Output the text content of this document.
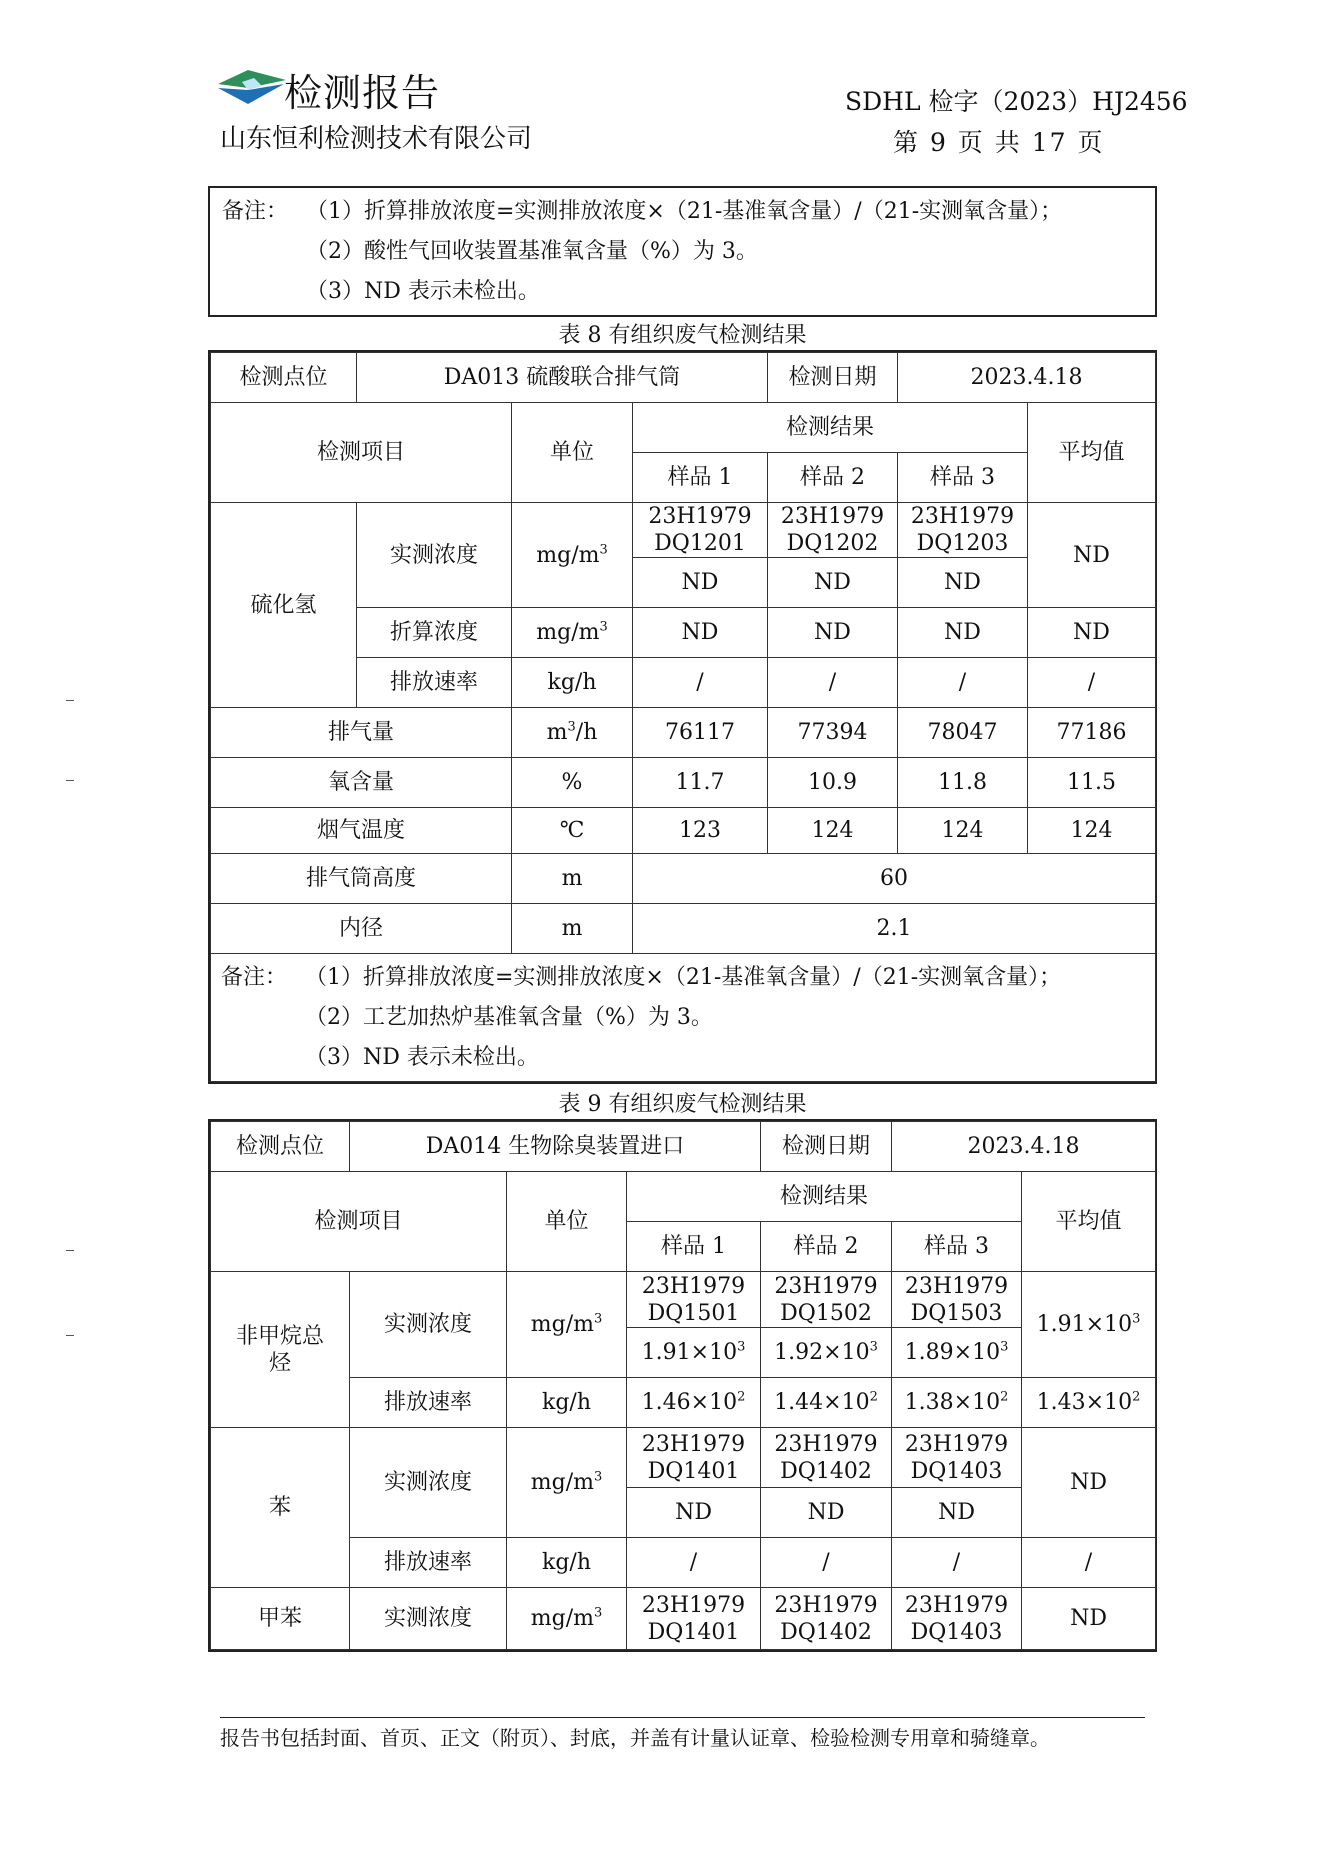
检测报告
山东恒利检测技术有限公司
SDHL 检字（2023）HJ2456
第 9 页 共 17 页
备注： （1）折算排放浓度=实测排放浓度×（21-基准氧含量）/（21-实测氧含量）；
（2）酸性气回收装置基准氧含量（%）为 3。
（3）ND 表示未检出。
表 8 有组织废气检测结果
检测点位	DA013 硫酸联合排气筒			检测日期	2023.4.18	
检测项目		单位	检测结果			平均值
			样品 1	样品 2	样品 3	
硫化氢	实测浓度	$mg/m^3$	23H1979 DQ1201	23H1979 DQ1202	23H1979 DQ1203	ND
			ND	ND	ND	
	折算浓度	$mg/m^3$	ND	ND	ND	ND
	排放速率	kg/h	/	/	/	/
排气量		$m^3/h$	76117	77394	78047	77186
氧含量		%	11.7	10.9	11.8	11.5
烟气温度		℃	123	124	124	124
排气筒高度		m	60			
内径		m	2.1			

备注： （1）折算排放浓度=实测排放浓度×（21-基准氧含量）/（21-实测氧含量）；
（2）工艺加热炉基准氧含量（%）为 3。
（3）ND 表示未检出。						
表 9 有组织废气检测结果
检测点位	DA014 生物除臭装置进口			检测日期	2023.4.18	
检测项目		单位	检测结果			平均值
			样品 1	样品 2	样品 3	
非甲烷总烃	实测浓度	$mg/m^3$	23H1979 DQ1501	23H1979 DQ1502	23H1979 DQ1503	$1.91\times 10^3$
			$1.91\times 10^3$	$1.92\times 10^3$	$1.89\times 10^3$
	排放速率	kg/h	$1.46\times 10^2$	$1.44\times 10^2$	$1.38\times 10^2$	$1.43\times 10^2$
苯	实测浓度	$mg/m^3$	23H1979 DQ1401	23H1979 DQ1402	23H1979 DQ1403	ND
			ND	ND	ND	
	排放速率	kg/h	/	/	/	/
甲苯	实测浓度	$mg/m^3$	23H1979 DQ1401	23H1979 DQ1402	23H1979 DQ1403	ND
报告书包括封面、首页、正文（附页）、封底，并盖有计量认证章、检验检测专用章和骑缝章。
